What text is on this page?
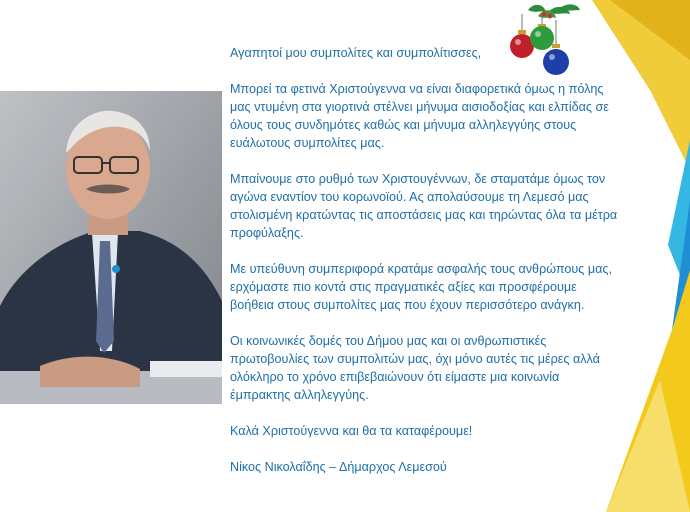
Αγαπητοί μου συμπολίτες και συμπολίτισσες,

Μπορεί τα φετινά Χριστούγεννα να είναι διαφορετικά όμως η πόλης μας ντυμένη στα γιορτινά στέλνει μήνυμα αισιοδοξίας και ελπίδας σε όλους τους συνδημότες καθώς και μήνυμα αλληλεγγύης στους ευάλωτους συμπολίτες μας.

Μπαίνουμε στο ρυθμό των Χριστουγέννων, δε σταματάμε όμως τον αγώνα εναντίον του κορωνοϊού. Ας απολαύσουμε τη Λεμεσό μας στολισμένη κρατώντας τις αποστάσεις μας και τηρώντας όλα τα μέτρα προφύλαξης.

Με υπεύθυνη συμπεριφορά κρατάμε ασφαλής τους ανθρώπους μας, ερχόμαστε πιο κοντά στις πραγματικές αξίες και προσφέρουμε βοήθεια στους συμπολίτες μας που έχουν περισσότερο ανάγκη.

Οι κοινωνικές δομές του Δήμου μας και οι ανθρωπιστικές πρωτοβουλίες των συμπολιτών μας, όχι μόνο αυτές τις μέρες αλλά ολόκληρο το χρόνο επιβεβαιώνουν ότι είμαστε μια κοινωνία έμπρακτης αλληλεγγύης.

Καλά Χριστούγεννα και θα τα καταφέρουμε!

Νίκος Νικολαΐδης – Δήμαρχος Λεμεσού
